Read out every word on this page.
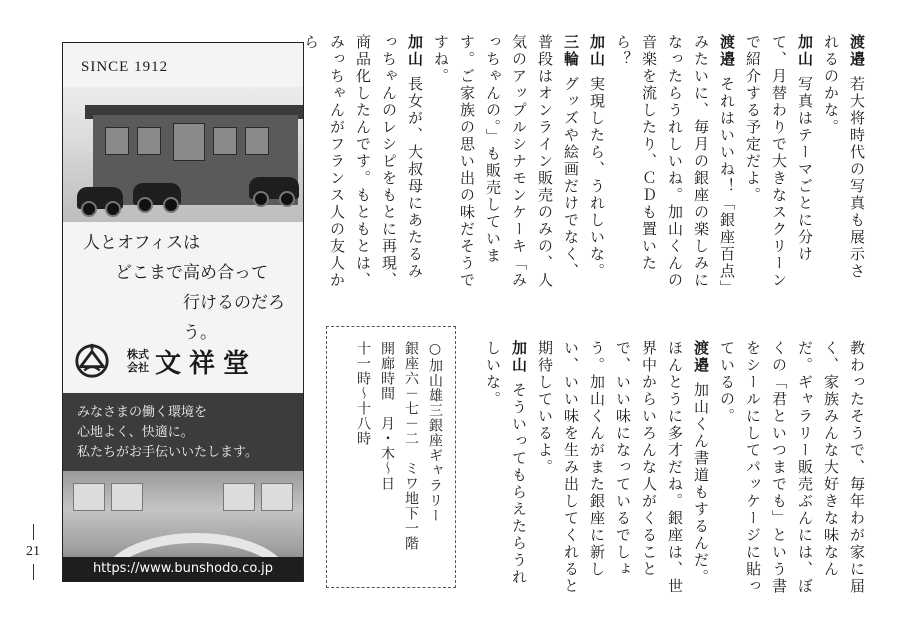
21
SINCE 1912
人とオフィスは
どこまで高め合って
行けるのだろう。
株式
会社 文祥堂
みなさまの働く環境を
心地よく、快適に。
私たちがお手伝いいたします。
https://www.bunshodo.co.jp

渡邉若大将時代の写真も展示されるのかな。

加山写真はテーマごとに分けて、月替わりで大きなスクリーンで紹介する予定だよ。

渡邉それはいいね！「銀座百点」みたいに、毎月の銀座の楽しみになったらうれしいね。加山くんの音楽を流したり、ＣＤも置いたら？

加山実現したら、うれしいな。

三輪グッズや絵画だけでなく、普段はオンライン販売のみの、人気のアップルシナモンケーキ「みっちゃんの。」も販売しています。ご家族の思い出の味だそうですね。

加山長女が、大叔母にあたるみっちゃんのレシピをもとに再現、商品化したんです。もともとは、みっちゃんがフランス人の友人から

教わったそうで、毎年わが家に届く、家族みんな大好きな味なんだ。ギャラリー販売ぶんには、ぼくの「君といつまでも」という書をシールにしてパッケージに貼っているの。

渡邉加山くん書道もするんだ。ほんとうに多才だね。銀座は、世界中からいろんな人がくることで、いい味になっているでしょう。加山くんがまた銀座に新しい、いい味を生み出してくれると期待しているよ。

加山そういってもらえたらうれしいな。

○加山雄三銀座ギャラリー
銀座六－七－二　ミワ地下一階
開廊時間　月・木～日
十一時～十八時
